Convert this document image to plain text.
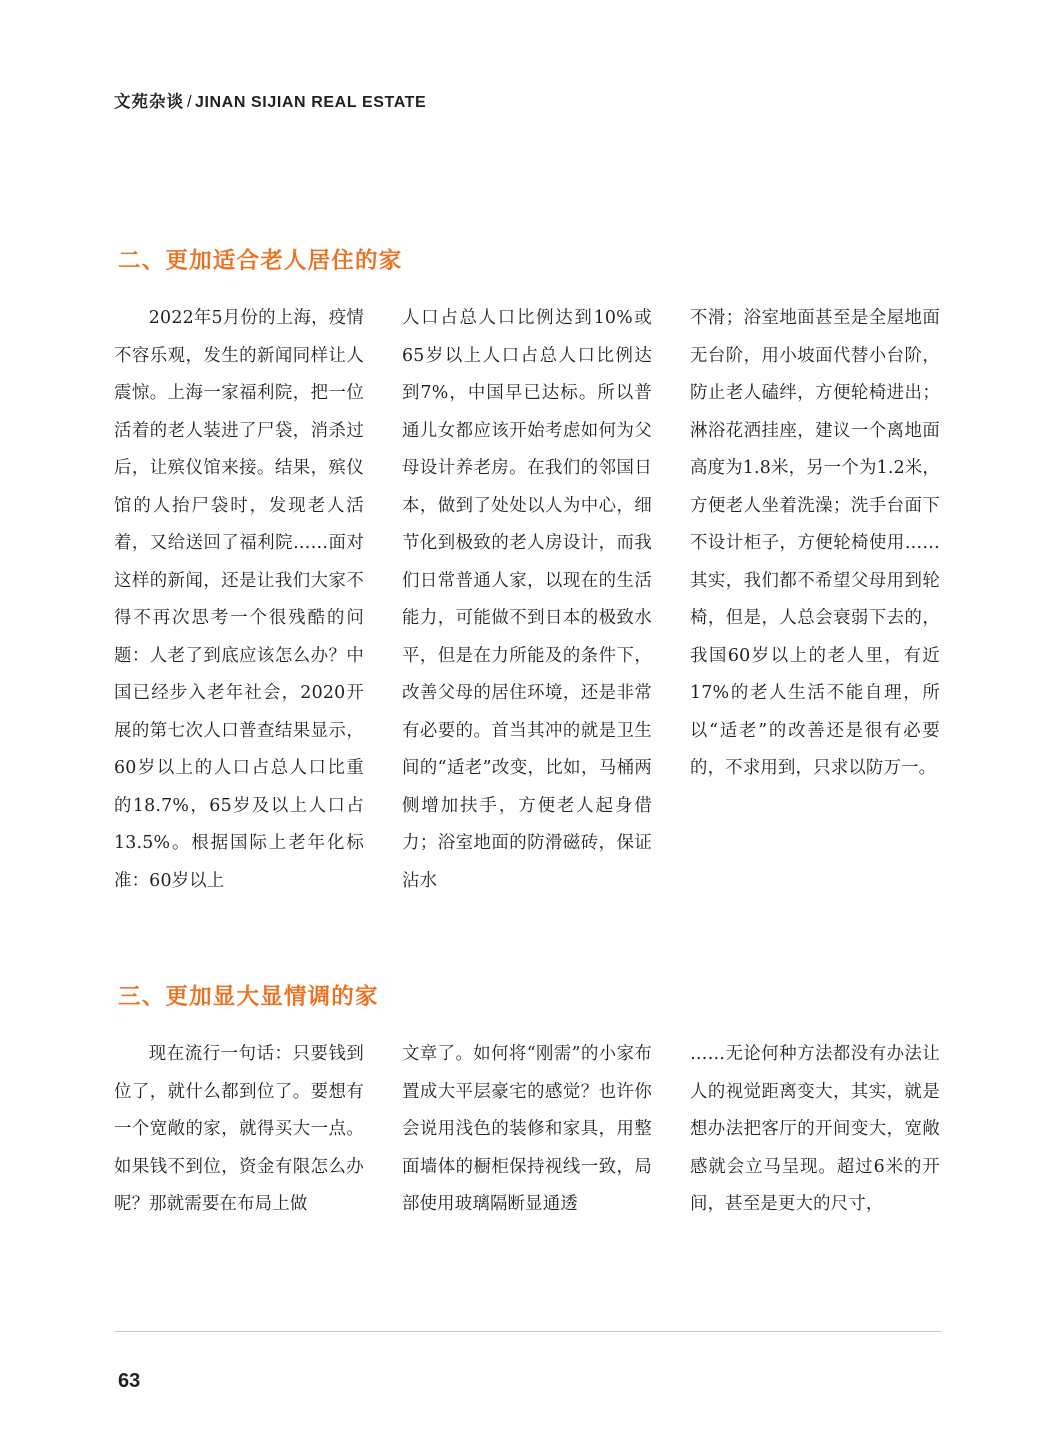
文苑杂谈 / JINAN SIJIAN REAL ESTATE
二、更加适合老人居住的家

2022年5月份的上海，疫情不容乐观，发生的新闻同样让人震惊。上海一家福利院，把一位活着的老人装进了尸袋，消杀过后，让殡仪馆来接。结果，殡仪馆的人抬尸袋时，发现老人活着，又给送回了福利院……面对这样的新闻，还是让我们大家不得不再次思考一个很残酷的问题：人老了到底应该怎么办？中国已经步入老年社会，2020开展的第七次人口普查结果显示，60岁以上的人口占总人口比重的18.7%，65岁及以上人口占13.5%。根据国际上老年化标准：60岁以上

人口占总人口比例达到10%或65岁以上人口占总人口比例达到7%，中国早已达标。所以普通儿女都应该开始考虑如何为父母设计养老房。在我们的邻国日本，做到了处处以人为中心，细节化到极致的老人房设计，而我们日常普通人家，以现在的生活能力，可能做不到日本的极致水平，但是在力所能及的条件下，改善父母的居住环境，还是非常有必要的。首当其冲的就是卫生间的“适老”改变，比如，马桶两侧增加扶手，方便老人起身借力；浴室地面的防滑磁砖，保证沾水

不滑；浴室地面甚至是全屋地面无台阶，用小坡面代替小台阶，防止老人磕绊，方便轮椅进出；淋浴花洒挂座，建议一个离地面高度为1.8米，另一个为1.2米，方便老人坐着洗澡；洗手台面下不设计柜子，方便轮椅使用……其实，我们都不希望父母用到轮椅，但是，人总会衰弱下去的，我国60岁以上的老人里，有近17%的老人生活不能自理，所以“适老”的改善还是很有必要的，不求用到，只求以防万一。

三、更加显大显情调的家

现在流行一句话：只要钱到位了，就什么都到位了。要想有一个宽敞的家，就得买大一点。如果钱不到位，资金有限怎么办呢？那就需要在布局上做

文章了。如何将“刚需”的小家布置成大平层豪宅的感觉？也许你会说用浅色的装修和家具，用整面墙体的橱柜保持视线一致，局部使用玻璃隔断显通透

……无论何种方法都没有办法让人的视觉距离变大，其实，就是想办法把客厅的开间变大，宽敞感就会立马呈现。超过6米的开间，甚至是更大的尺寸，

63
